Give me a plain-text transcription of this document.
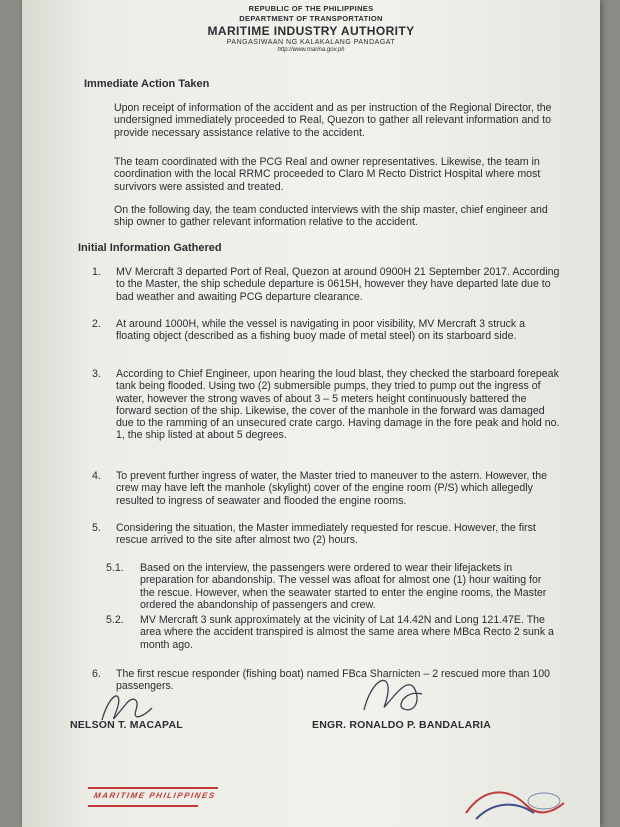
REPUBLIC OF THE PHILIPPINES
DEPARTMENT OF TRANSPORTATION
MARITIME INDUSTRY AUTHORITY
PANGASIWAAN NG KALAKALANG PANDAGAT
http://www.marina.gov.ph
Immediate Action Taken
Upon receipt of information of the accident and as per instruction of the Regional Director, the undersigned immediately proceeded to Real, Quezon to gather all relevant information and to provide necessary assistance relative to the accident.
The team coordinated with the PCG Real and owner representatives. Likewise, the team in coordination with the local RRMC proceeded to Claro M Recto District Hospital where most survivors were assisted and treated.
On the following day, the team conducted interviews with the ship master, chief engineer and ship owner to gather relevant information relative to the accident.
Initial Information Gathered
1. MV Mercraft 3 departed Port of Real, Quezon at around 0900H 21 September 2017. According to the Master, the ship schedule departure is 0615H, however they have departed late due to bad weather and awaiting PCG departure clearance.
2. At around 1000H, while the vessel is navigating in poor visibility, MV Mercraft 3 struck a floating object (described as a fishing buoy made of metal steel) on its starboard side.
3. According to Chief Engineer, upon hearing the loud blast, they checked the starboard forepeak tank being flooded. Using two (2) submersible pumps, they tried to pump out the ingress of water, however the strong waves of about 3 – 5 meters height continuously battered the forward section of the ship. Likewise, the cover of the manhole in the forward was damaged due to the ramming of an unsecured crate cargo. Having damage in the fore peak and hold no. 1, the ship listed at about 5 degrees.
4. To prevent further ingress of water, the Master tried to maneuver to the astern. However, the crew may have left the manhole (skylight) cover of the engine room (P/S) which allegedly resulted to ingress of seawater and flooded the engine rooms.
5. Considering the situation, the Master immediately requested for rescue. However, the first rescue arrived to the site after almost two (2) hours.
5.1. Based on the interview, the passengers were ordered to wear their lifejackets in preparation for abandonship. The vessel was afloat for almost one (1) hour waiting for the rescue. However, when the seawater started to enter the engine rooms, the Master ordered the abandonship of passengers and crew.
5.2. MV Mercraft 3 sunk approximately at the vicinity of Lat 14.42N and Long 121.47E. The area where the accident transpired is almost the same area where MBca Recto 2 sunk a month ago.
6. The first rescue responder (fishing boat) named FBca Sharnicten – 2 rescued more than 100 passengers.
NELSON T. MACAPAL	ENGR. RONALDO P. BANDALARIA
MARITIME PHILIPPINES
